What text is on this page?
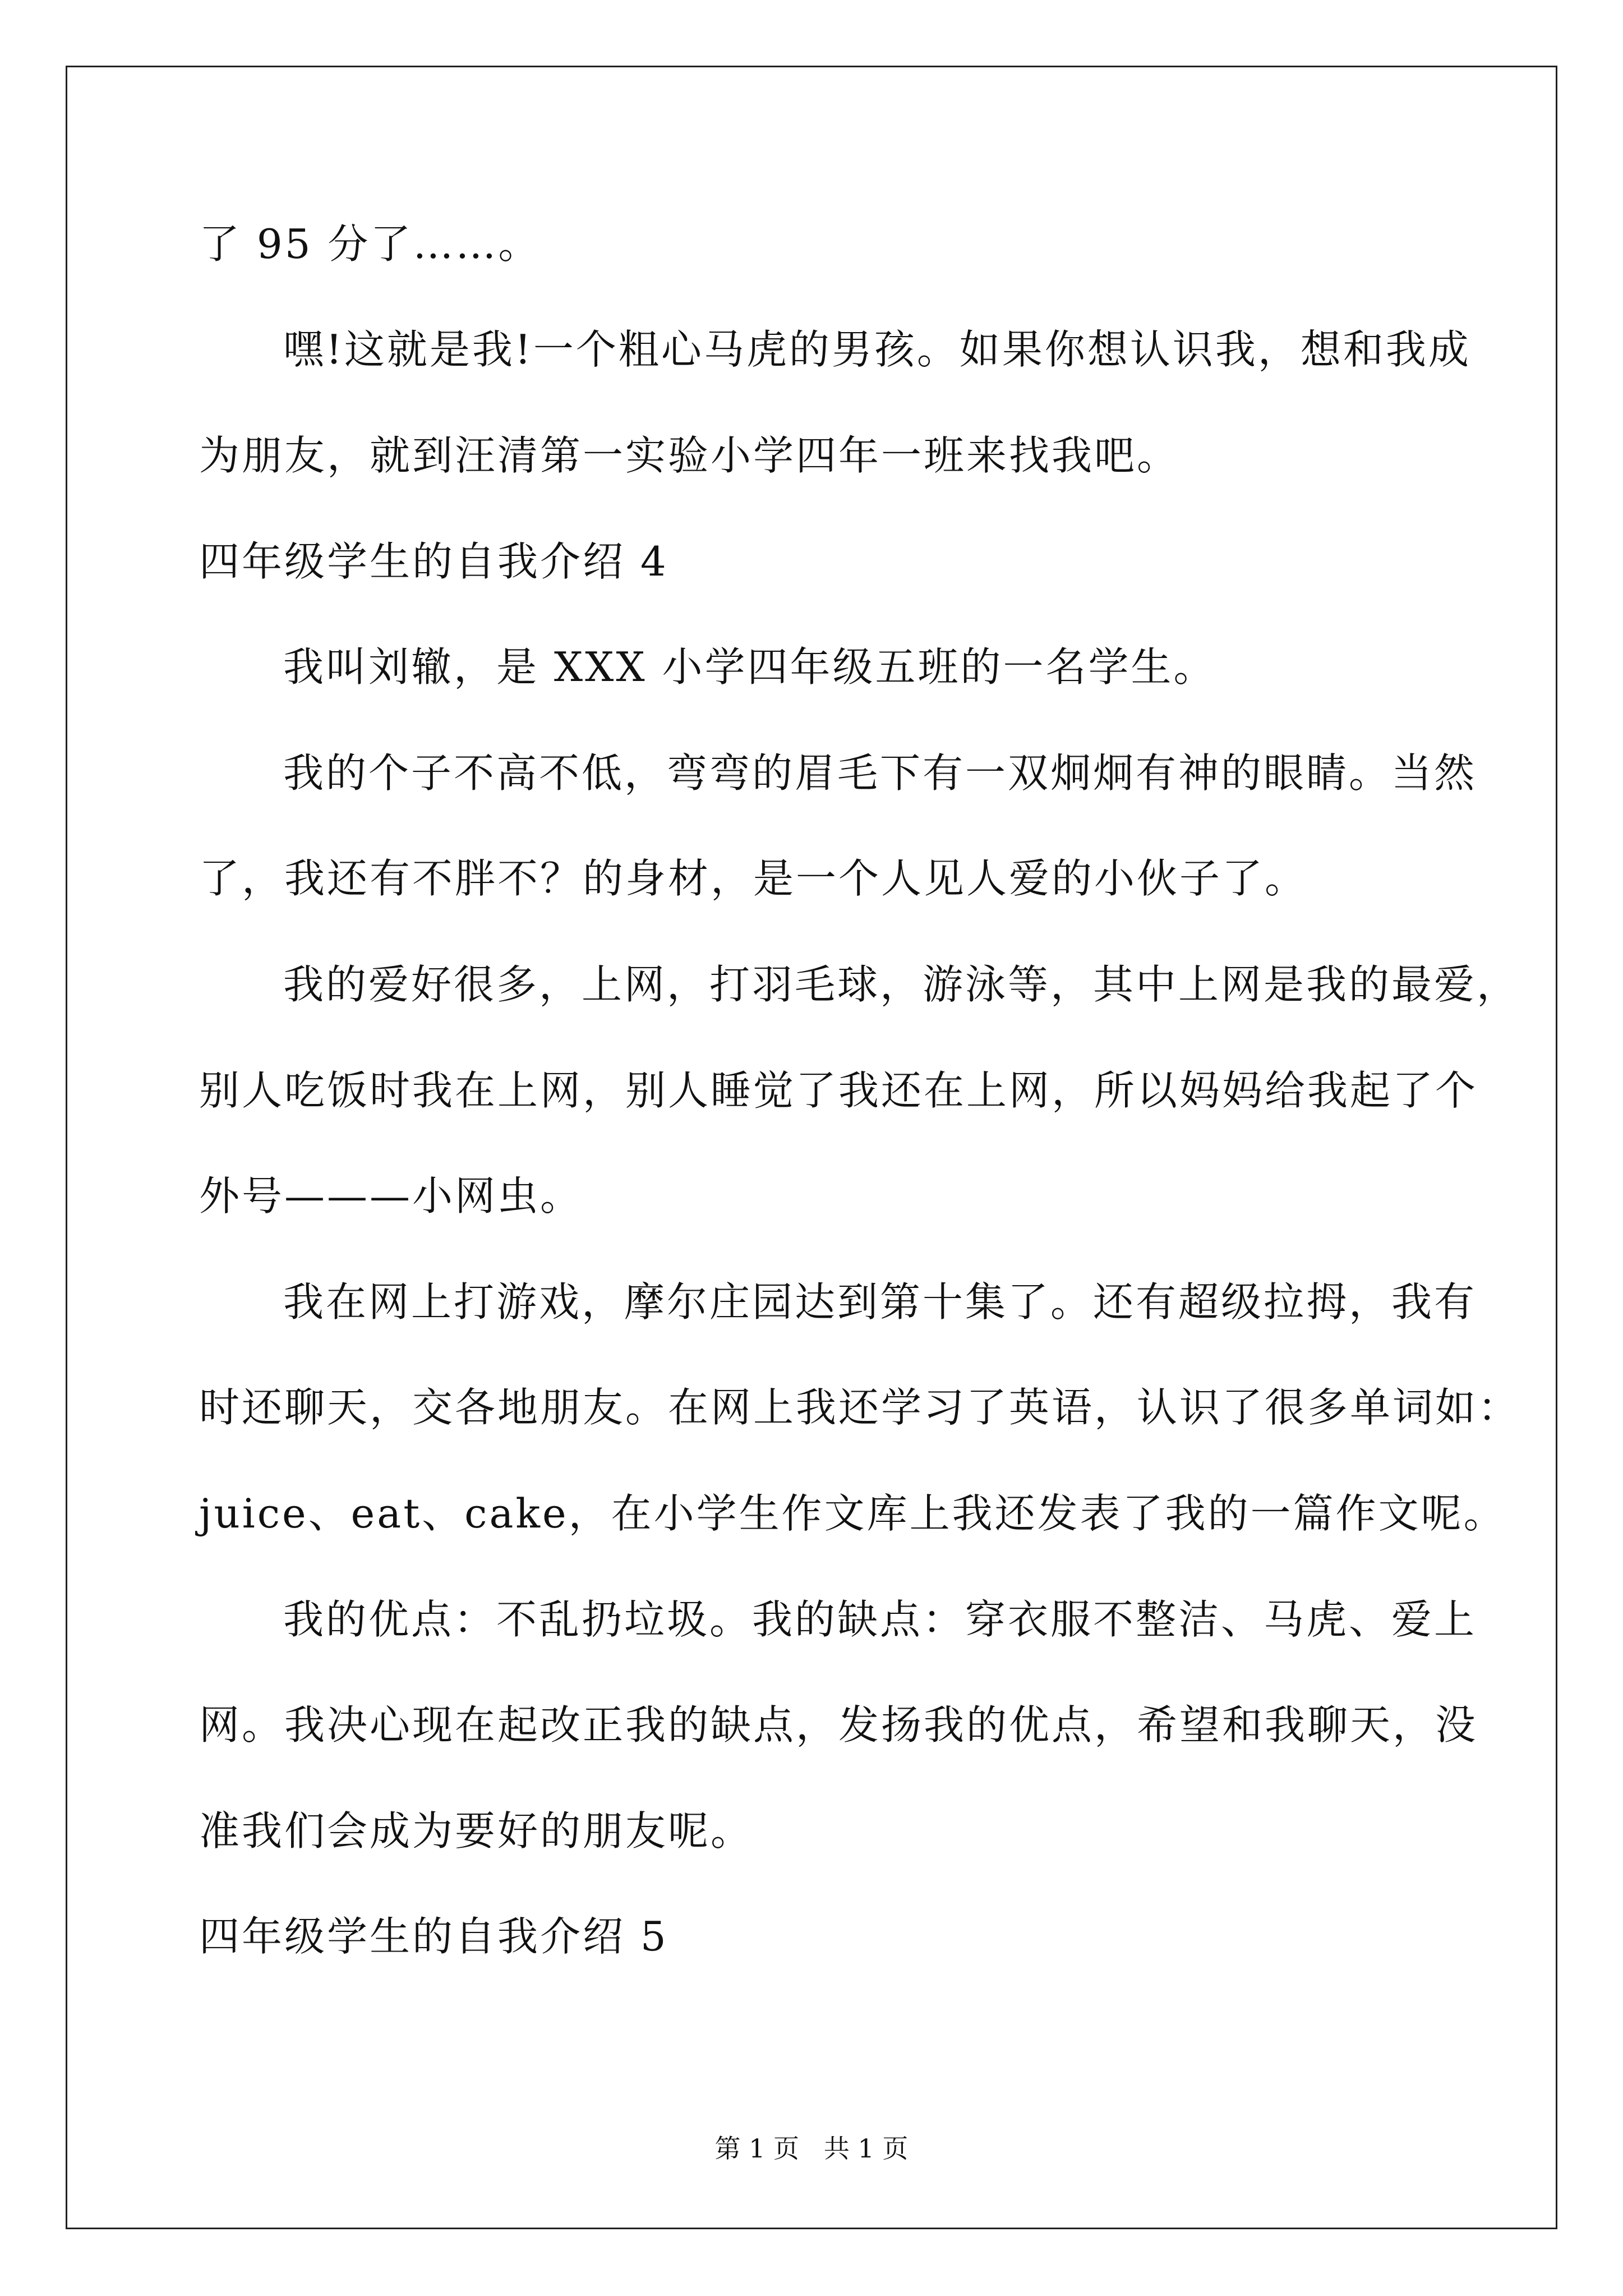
了 95 分了……。
嘿!这就是我!一个粗心马虎的男孩。如果你想认识我，想和我成
为朋友，就到汪清第一实验小学四年一班来找我吧。
四年级学生的自我介绍 4
我叫刘辙，是 XXX 小学四年级五班的一名学生。
我的个子不高不低，弯弯的眉毛下有一双炯炯有神的眼睛。当然
了，我还有不胖不？的身材，是一个人见人爱的小伙子了。
我的爱好很多，上网，打羽毛球，游泳等，其中上网是我的最爱，
别人吃饭时我在上网，别人睡觉了我还在上网，所以妈妈给我起了个
外号———小网虫。
我在网上打游戏，摩尔庄园达到第十集了。还有超级拉拇，我有
时还聊天，交各地朋友。在网上我还学习了英语，认识了很多单词如：
juice、eat、cake，在小学生作文库上我还发表了我的一篇作文呢。
我的优点：不乱扔垃圾。我的缺点：穿衣服不整洁、马虎、爱上
网。我决心现在起改正我的缺点，发扬我的优点，希望和我聊天，没
准我们会成为要好的朋友呢。
四年级学生的自我介绍 5
第 1 页   共 1 页
